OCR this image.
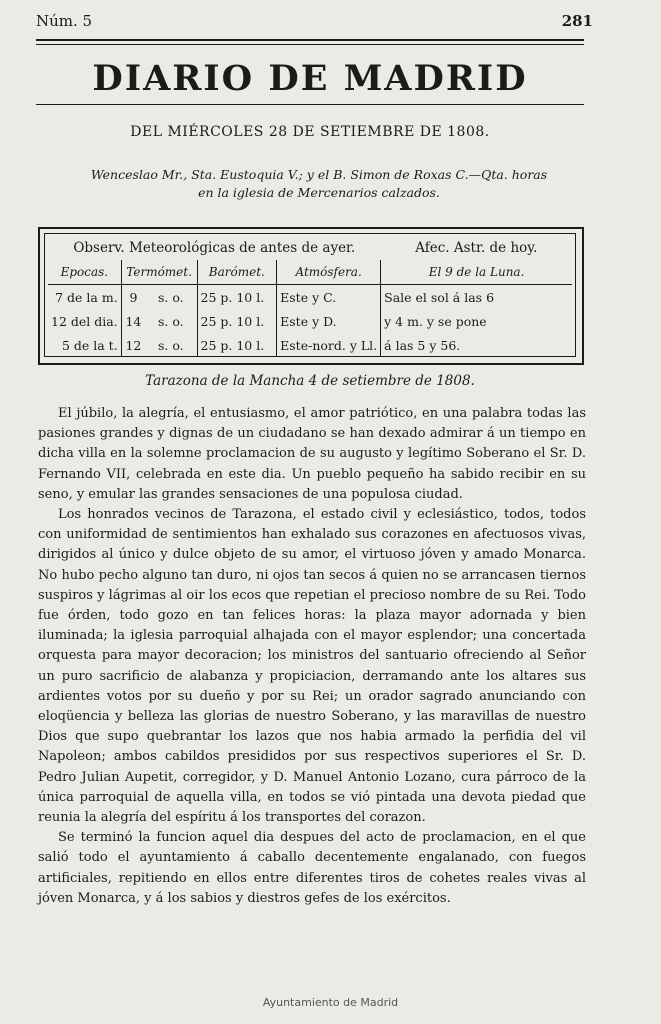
Núm. 5	281
DIARIO DE MADRID
DEL MIÉRCOLES 28 DE SETIEMBRE DE 1808.
Wenceslao Mr., Sta. Eustoquia V.; y el B. Simon de Roxas C.—Qta. horas
en la iglesia de Mercenarios calzados.
Observ. Meteorológicas de antes de ayer.					Afec. Astr. de hoy.
Epocas.	Termómet.		Barómet.	Atmósfera.	El 9 de la Luna.
7 de la m.	9	s. o.	25 p. 10 l.	Este y C.	Sale el sol á las 6
12 del dia.	14	s. o.	25 p. 10 l.	Este y D.	y 4 m. y se pone
5 de la t.	12	s. o.	25 p. 10 l.	Este-nord. y Ll.	á las 5 y 56.
Tarazona de la Mancha 4 de setiembre de 1808.

El júbilo, la alegría, el entusiasmo, el amor patriótico, en una palabra todas las pasiones grandes y dignas de un ciudadano se han dexado admirar á un tiempo en dicha villa en la solemne proclamacion de su augusto y legítimo Soberano el Sr. D. Fernando VII, celebrada en este dia. Un pueblo pequeño ha sabido recibir en su seno, y emular las grandes sensaciones de una populosa ciudad.

Los honrados vecinos de Tarazona, el estado civil y eclesiástico, todos, todos con uniformidad de sentimientos han exhalado sus corazones en afectuosos vivas, dirigidos al único y dulce objeto de su amor, el virtuoso jóven y amado Monarca. No hubo pecho alguno tan duro, ni ojos tan secos á quien no se arrancasen tiernos suspiros y lágrimas al oir los ecos que repetian el precioso nombre de su Rei. Todo fue órden, todo gozo en tan felices horas: la plaza mayor adornada y bien iluminada; la iglesia parroquial alhajada con el mayor esplendor; una concertada orquesta para mayor decoracion; los ministros del santuario ofreciendo al Señor un puro sacrificio de alabanza y propiciacion, derramando ante los altares sus ardientes votos por su dueño y por su Rei; un orador sagrado anunciando con eloqüencia y belleza las glorias de nuestro Soberano, y las maravillas de nuestro Dios que supo quebrantar los lazos que nos habia armado la perfidia del vil Napoleon; ambos cabildos presididos por sus respectivos superiores el Sr. D. Pedro Julian Aupetit, corregidor, y D. Manuel Antonio Lozano, cura párroco de la única parroquial de aquella villa, en todos se vió pintada una devota piedad que reunia la alegría del espíritu á los transportes del corazon.

Se terminó la funcion aquel dia despues del acto de proclamacion, en el que salió todo el ayuntamiento á caballo decentemente engalanado, con fuegos artificiales, repitiendo en ellos entre diferentes tiros de cohetes reales vivas al jóven Monarca, y á los sabios y diestros gefes de los exércitos.

Ayuntamiento de Madrid
